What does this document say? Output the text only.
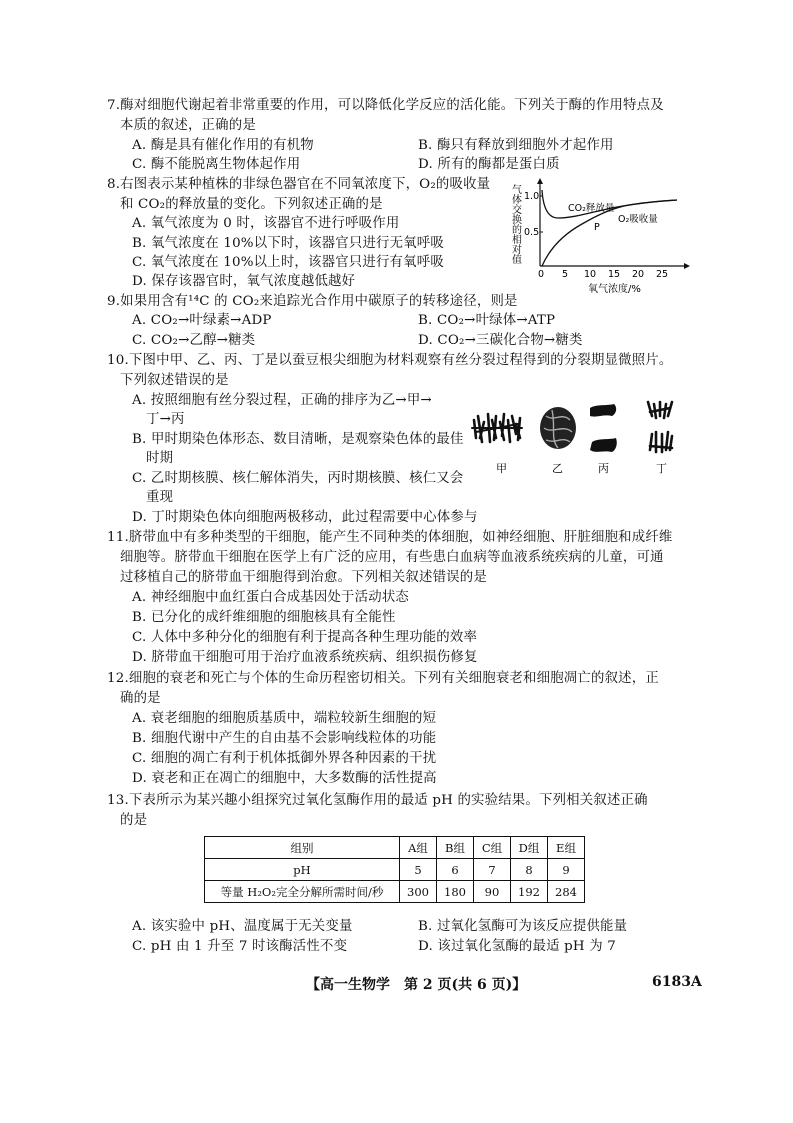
7.酶对细胞代谢起着非常重要的作用，可以降低化学反应的活化能。下列关于酶的作用特点及
本质的叙述，正确的是
A. 酶是具有催化作用的有机物	B. 酶只有释放到细胞外才起作用
C. 酶不能脱离生物体起作用	D. 所有的酶都是蛋白质
8.右图表示某种植株的非绿色器官在不同氧浓度下，O₂的吸收量
和 CO₂的释放量的变化。下列叙述正确的是
A. 氧气浓度为 0 时，该器官不进行呼吸作用
B. 氧气浓度在 10%以下时，该器官只进行无氧呼吸
C. 氧气浓度在 10%以上时，该器官只进行有氧呼吸
D. 保存该器官时，氧气浓度越低越好
气体交换的相对值 1.0
0.5
0 5 10 15 20 25
氧气浓度/%
CO₂释放量
O₂吸收量
P
9.如果用含有¹⁴C 的 CO₂来追踪光合作用中碳原子的转移途径，则是
A. CO₂→叶绿素→ADP	B. CO₂→叶绿体→ATP
C. CO₂→乙醇→糖类	D. CO₂→三碳化合物→糖类
10.下图中甲、乙、丙、丁是以蚕豆根尖细胞为材料观察有丝分裂过程得到的分裂期显微照片。
下列叙述错误的是
A. 按照细胞有丝分裂过程，正确的排序为乙→甲→
丁→丙
B. 甲时期染色体形态、数目清晰，是观察染色体的最佳
时期
C. 乙时期核膜、核仁解体消失，丙时期核膜、核仁又会
重现
D. 丁时期染色体向细胞两极移动，此过程需要中心体参与
甲	乙	丙	丁
11.脐带血中有多种类型的干细胞，能产生不同种类的体细胞，如神经细胞、肝脏细胞和成纤维
细胞等。脐带血干细胞在医学上有广泛的应用，有些患白血病等血液系统疾病的儿童，可通
过移植自己的脐带血干细胞得到治愈。下列相关叙述错误的是
A. 神经细胞中血红蛋白合成基因处于活动状态
B. 已分化的成纤维细胞的细胞核具有全能性
C. 人体中多种分化的细胞有利于提高各种生理功能的效率
D. 脐带血干细胞可用于治疗血液系统疾病、组织损伤修复
12.细胞的衰老和死亡与个体的生命历程密切相关。下列有关细胞衰老和细胞凋亡的叙述，正
确的是
A. 衰老细胞的细胞质基质中，端粒较新生细胞的短
B. 细胞代谢中产生的自由基不会影响线粒体的功能
C. 细胞的凋亡有利于机体抵御外界各种因素的干扰
D. 衰老和正在凋亡的细胞中，大多数酶的活性提高
13.下表所示为某兴趣小组探究过氧化氢酶作用的最适 pH 的实验结果。下列相关叙述正确
的是
组别	A组	B组	C组	D组	E组
pH	5	6	7	8	9
等量 H₂O₂完全分解所需时间/秒	300	180	90	192	284
A. 该实验中 pH、温度属于无关变量	B. 过氧化氢酶可为该反应提供能量
C. pH 由 1 升至 7 时该酶活性不变	D. 该过氧化氢酶的最适 pH 为 7
【高一生物学　第 2 页(共 6 页)】	6183A
